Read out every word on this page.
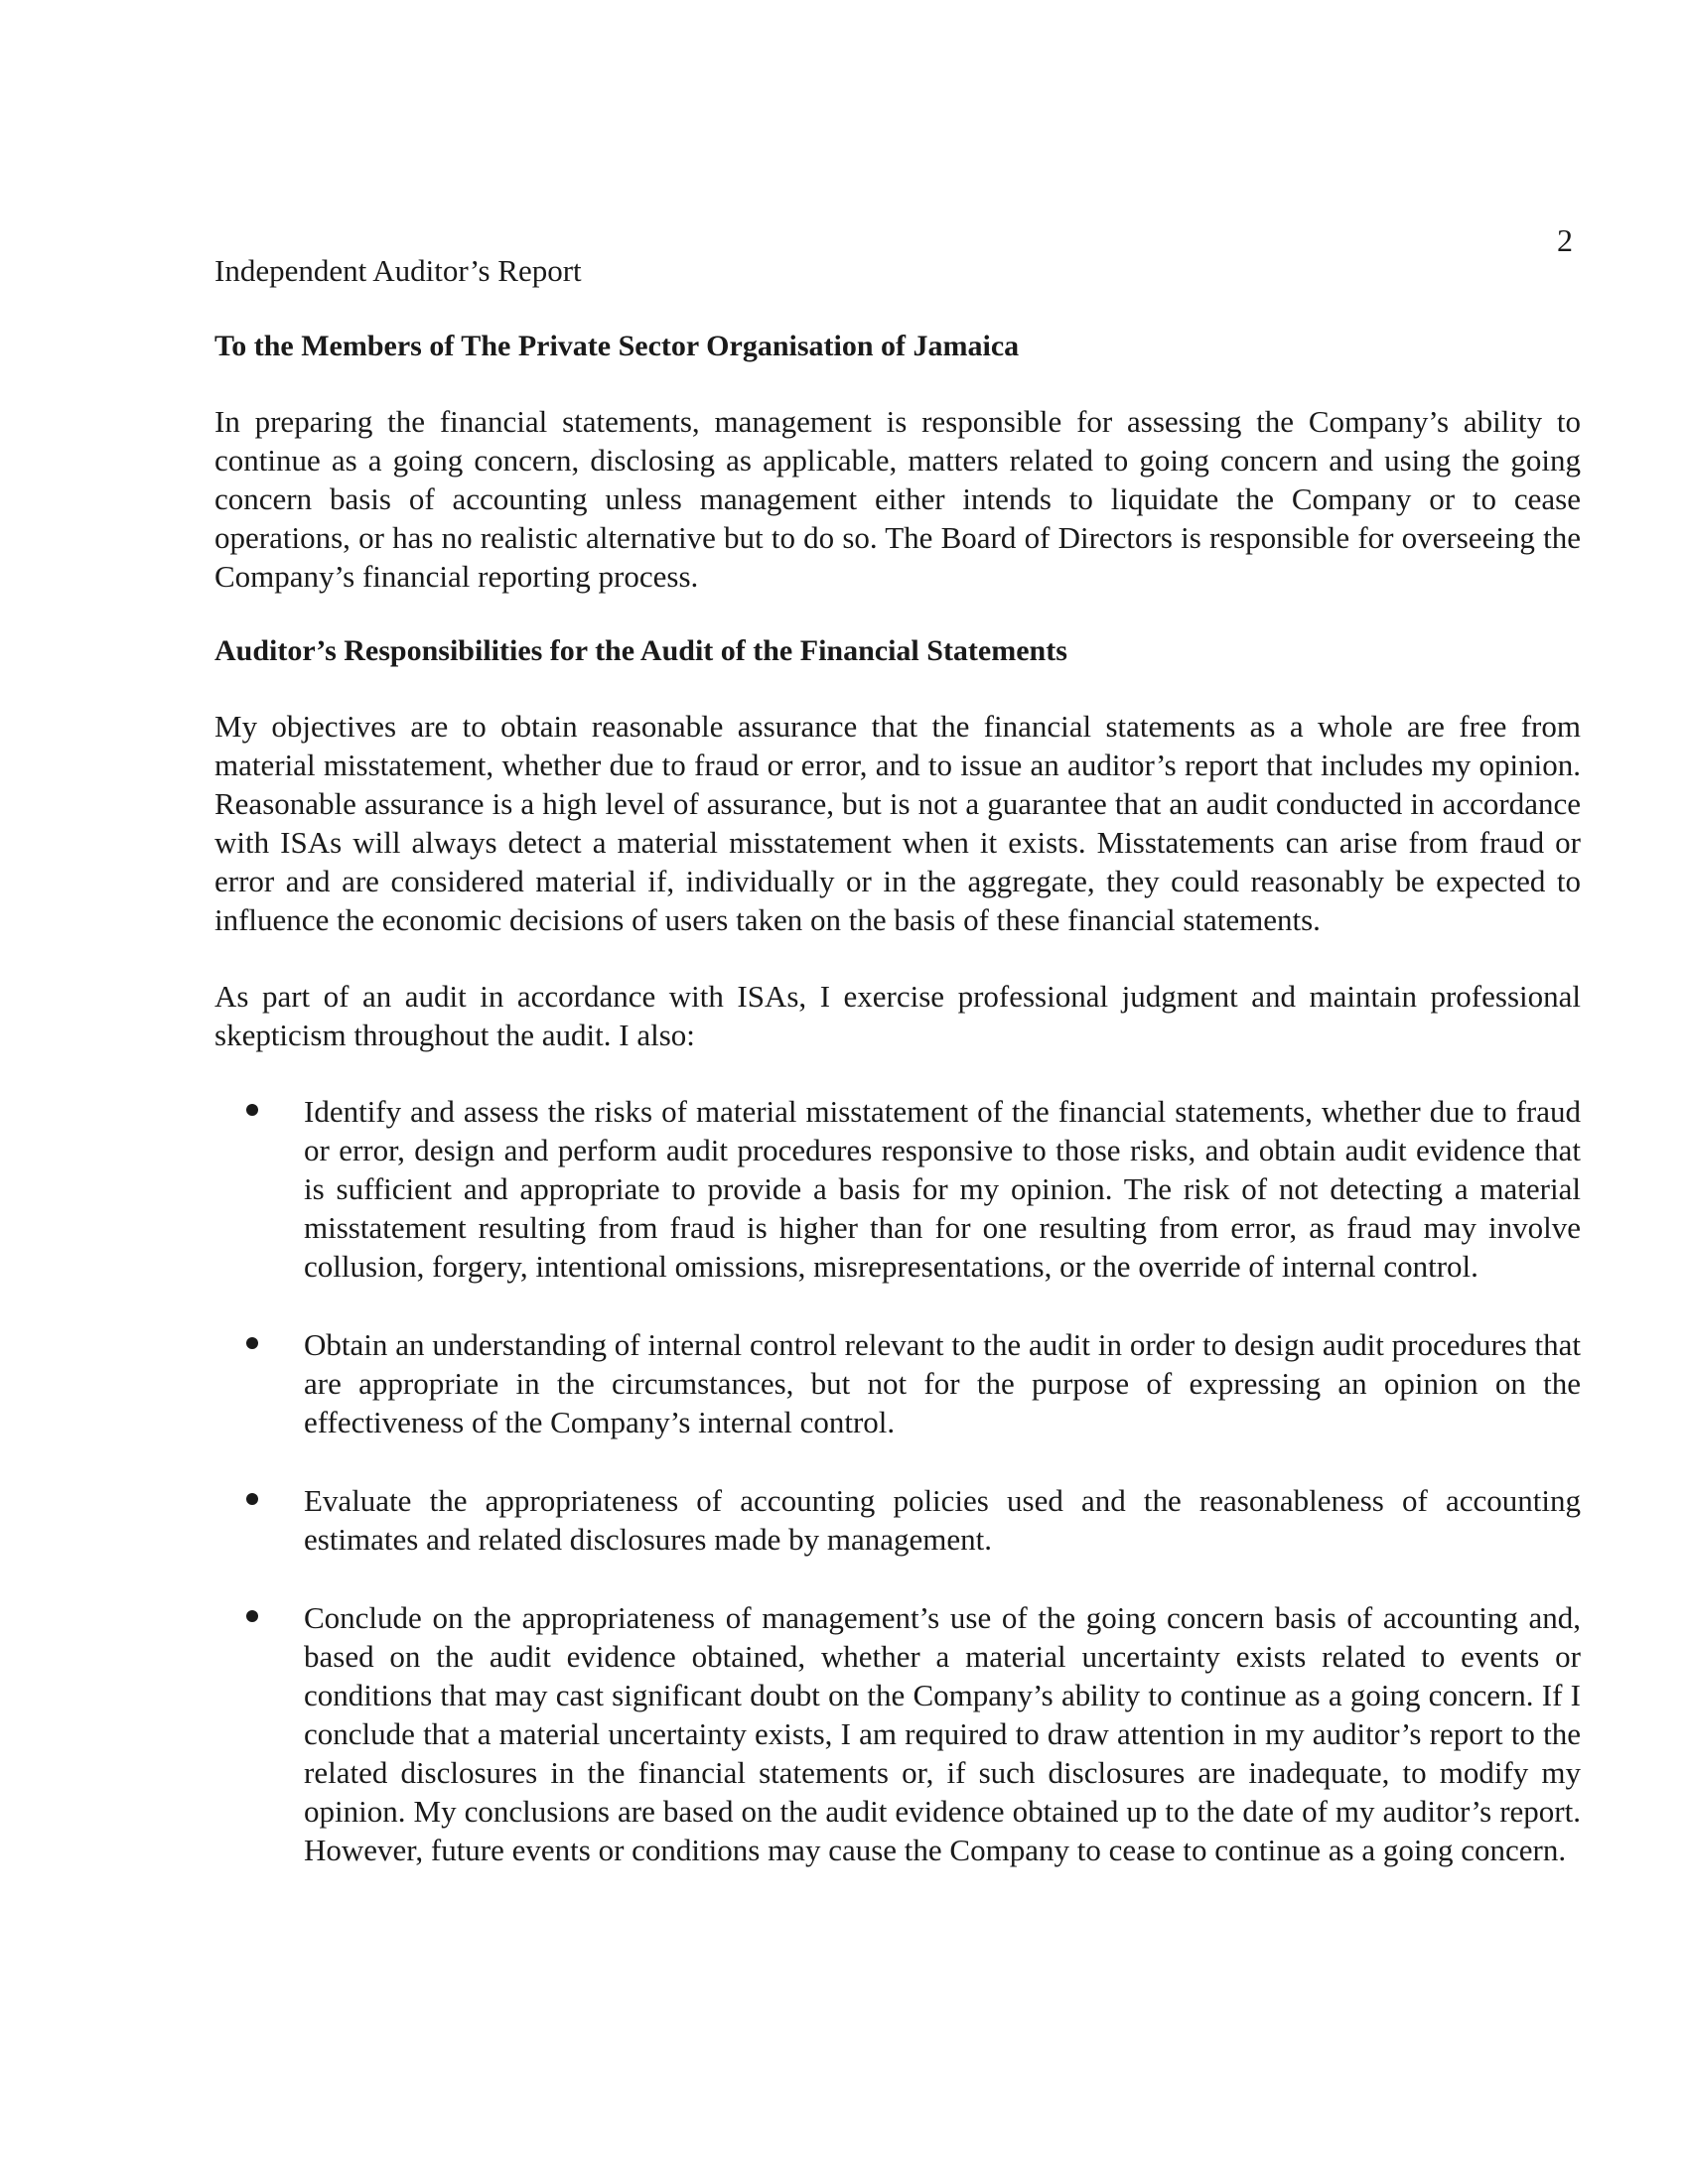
2
Independent Auditor’s Report
To the Members of The Private Sector Organisation of Jamaica

In preparing the financial statements, management is responsible for assessing the Company’s ability to continue as a going concern, disclosing as applicable, matters related to going concern and using the going concern basis of accounting unless management either intends to liquidate the Company or to cease operations, or has no realistic alternative but to do so. The Board of Directors is responsible for overseeing the Company’s financial reporting process.

Auditor’s Responsibilities for the Audit of the Financial Statements

My objectives are to obtain reasonable assurance that the financial statements as a whole are free from material misstatement, whether due to fraud or error, and to issue an auditor’s report that includes my opinion. Reasonable assurance is a high level of assurance, but is not a guarantee that an audit conducted in accordance with ISAs will always detect a material misstatement when it exists. Misstatements can arise from fraud or error and are considered material if, individually or in the aggregate, they could reasonably be expected to influence the economic decisions of users taken on the basis of these financial statements.

As part of an audit in accordance with ISAs, I exercise professional judgment and maintain professional skepticism throughout the audit. I also:

Identify and assess the risks of material misstatement of the financial statements, whether due to fraud or error, design and perform audit procedures responsive to those risks, and obtain audit evidence that is sufficient and appropriate to provide a basis for my opinion. The risk of not detecting a material misstatement resulting from fraud is higher than for one resulting from error, as fraud may involve collusion, forgery, intentional omissions, misrepresentations, or the override of internal control.
Obtain an understanding of internal control relevant to the audit in order to design audit procedures that are appropriate in the circumstances, but not for the purpose of expressing an opinion on the effectiveness of the Company’s internal control.
Evaluate the appropriateness of accounting policies used and the reasonableness of accounting estimates and related disclosures made by management.
Conclude on the appropriateness of management’s use of the going concern basis of accounting and, based on the audit evidence obtained, whether a material uncertainty exists related to events or conditions that may cast significant doubt on the Company’s ability to continue as a going concern. If I conclude that a material uncertainty exists, I am required to draw attention in my auditor’s report to the related disclosures in the financial statements or, if such disclosures are inadequate, to modify my opinion. My conclusions are based on the audit evidence obtained up to the date of my auditor’s report. However, future events or conditions may cause the Company to cease to continue as a going concern.
